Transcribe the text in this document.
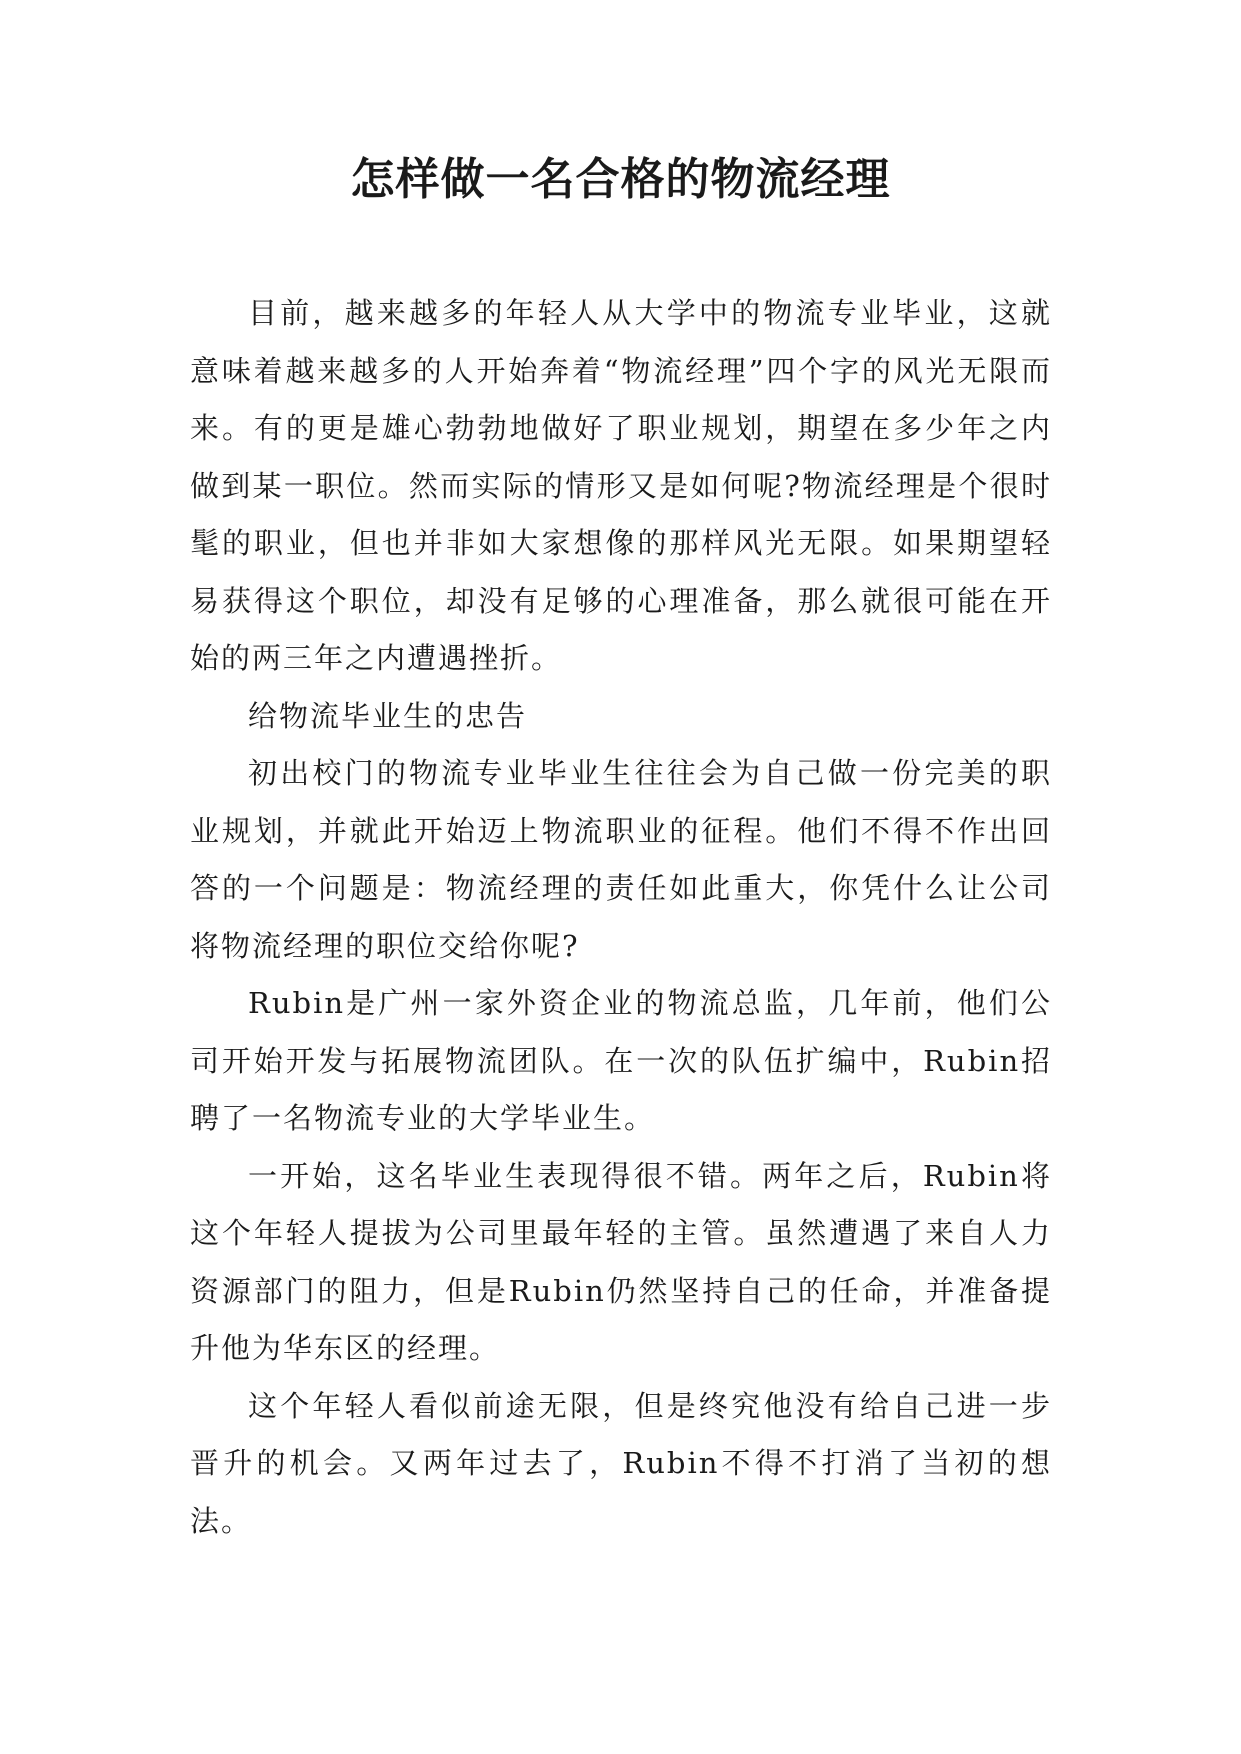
怎样做一名合格的物流经理

目前，越来越多的年轻人从大学中的物流专业毕业，这就意味着越来越多的人开始奔着“物流经理”四个字的风光无限而来。有的更是雄心勃勃地做好了职业规划，期望在多少年之内做到某一职位。然而实际的情形又是如何呢?物流经理是个很时髦的职业，但也并非如大家想像的那样风光无限。如果期望轻易获得这个职位，却没有足够的心理准备，那么就很可能在开始的两三年之内遭遇挫折。

给物流毕业生的忠告

初出校门的物流专业毕业生往往会为自己做一份完美的职业规划，并就此开始迈上物流职业的征程。他们不得不作出回答的一个问题是：物流经理的责任如此重大，你凭什么让公司将物流经理的职位交给你呢?

Rubin是广州一家外资企业的物流总监，几年前，他们公司开始开发与拓展物流团队。在一次的队伍扩编中，Rubin招聘了一名物流专业的大学毕业生。

一开始，这名毕业生表现得很不错。两年之后，Rubin将这个年轻人提拔为公司里最年轻的主管。虽然遭遇了来自人力资源部门的阻力，但是Rubin仍然坚持自己的任命，并准备提升他为华东区的经理。

这个年轻人看似前途无限，但是终究他没有给自己进一步晋升的机会。又两年过去了，Rubin不得不打消了当初的想法。
